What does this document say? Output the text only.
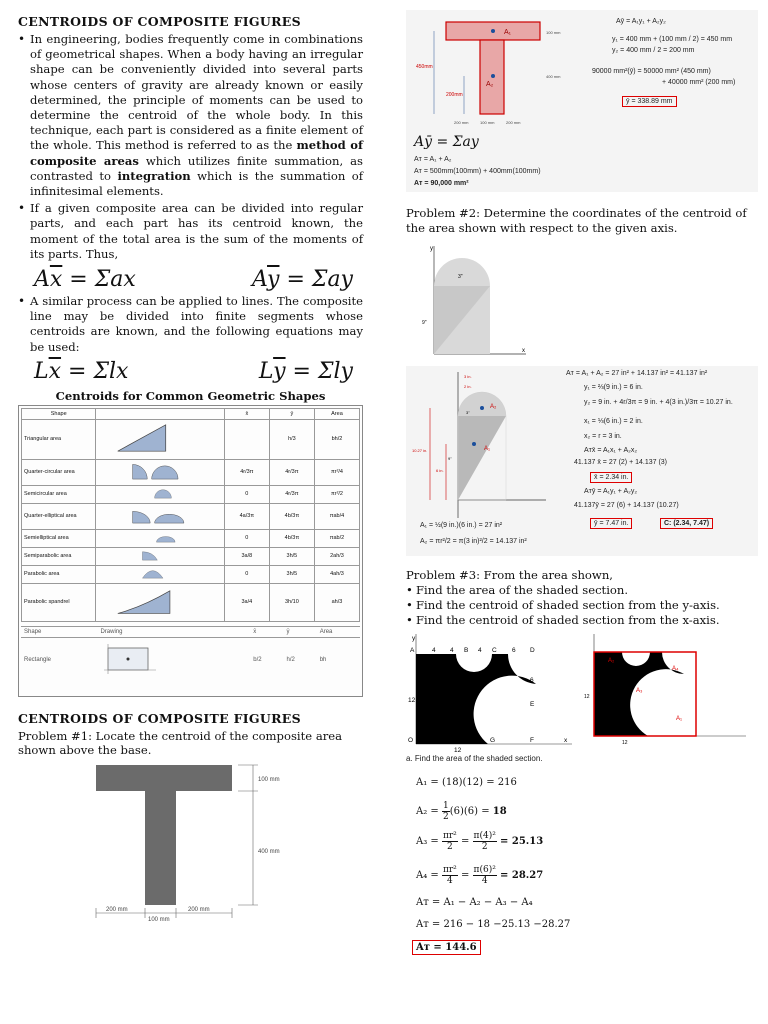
CENTROIDS OF COMPOSITE FIGURES
• In engineering, bodies frequently come in combinations of geometrical shapes. When a body having an irregular shape can be conveniently divided into several parts whose centers of gravity are already known or easily determined, the principle of moments can be used to determine the centroid of the whole body. In this technique, each part is considered as a finite element of the whole. This method is referred to as the method of composite areas which utilizes finite summation, as contrasted to integration which is the summation of infinitesimal elements.
• If a given composite area can be divided into regular parts, and each part has its centroid known, the moment of the total area is the sum of the moments of its parts. Thus,
$A\overline{x} = \Sigma ax$	$A\overline{y} = \Sigma ay$
• A similar process can be applied to lines. The composite line may be divided into finite segments whose centroids are known, and the following equations may be used:
$L\overline{x} = \Sigma lx$	$L\overline{y} = \Sigma ly$
Centroids for Common Geometric Shapes
Shape		x̄	ȳ	Area
Triangular area			h/3	bh/2
Quarter-circular area		4r/3π	4r/3π	πr²/4
Semicircular area		0	4r/3π	πr²/2
Quarter-elliptical area		4a/3π	4b/3π	πab/4
Semielliptical area		0	4b/3π	πab/2
Semiparabolic area		3a/8	3h/5	2ah/3
Parabolic area		0	3h/5	4ah/3
Parabolic spandrel		3a/4	3h/10	ah/3
Shape	Drawing	x̄	ȳ	Area
Rectangle		b/2	h/2	bh
CENTROIDS OF COMPOSITE FIGURES
Problem #1: Locate the centroid of the composite area shown above the base.
100 mm
400 mm
200 mm
100 mm
200 mm
A₁
A₂
450mm
200mm
100 mm
400 mm
200 mm	100 mm	200 mm
Aȳ = A₁y₁ + A₂y₂
y₁ = 400 mm + (100 mm / 2) = 450 mm
y₂ = 400 mm / 2 = 200 mm
90000 mm²(ȳ) = 50000 mm² (450 mm)
+ 40000 mm² (200 mm)
ȳ = 338.89 mm
Aȳ = Σay
Aᴛ = A₁ + A₂
Aᴛ = 500mm(100mm) + 400mm(100mm)
Aᴛ = 90,000 mm²
Problem #2: Determine the coordinates of the centroid of the area shown with respect to the given axis.
y
x
3"
9"
A₁
A₂
3 in.
2 in.
3"
10.27 in.
9"
6 in.
Aᴛ = A₁ + A₂ = 27 in² + 14.137 in² = 41.137 in²
y₁ = ⅔(9 in.) = 6 in.
y₂ = 9 in. + 4r/3π = 9 in. + 4(3 in.)/3π = 10.27 in.
x₁ = ⅓(6 in.) = 2 in.
x₂ = r = 3 in.
Aᴛx̄ = A₁x₁ + A₂x₂
41.137 x̄ = 27 (2) + 14.137 (3)
x̄ = 2.34 in.
Aᴛȳ = A₁y₁ + A₂y₂
41.137ȳ = 27 (6) + 14.137 (10.27)
ȳ = 7.47 in.	C: (2.34, 7.47)
A₁ = ½(9 in.)(6 in.) = 27 in²
A₂ = πr²/2 = π(3 in)²/2 = 14.137 in²
Problem #3: From the area shown,
• Find the area of the shaded section.
• Find the centroid of shaded section from the y-axis.
• Find the centroid of shaded section from the x-axis.
A	4 4 B 4 C 6 D
12
12
6
E
F
G
O	x
y
A₂
A₃
A₄
A₁
12
12
a. Find the area of the shaded section.
A₁ = (18)(12) = 216
$A_2 = \frac{1}{2} (6)(6) = 18$
$A_3 = \frac{\text{πr²}}{2} = \frac{\text{π(4)²}}{2} = 25.13$
$A_4 = \frac{\text{πr²}}{4} = \frac{\text{π(6)²}}{4} = 28.27$
Aᴛ = A₁ − A₂ − A₃ − A₄
Aᴛ = 216 − 18 −25.13 −28.27
Aᴛ = 144.6
